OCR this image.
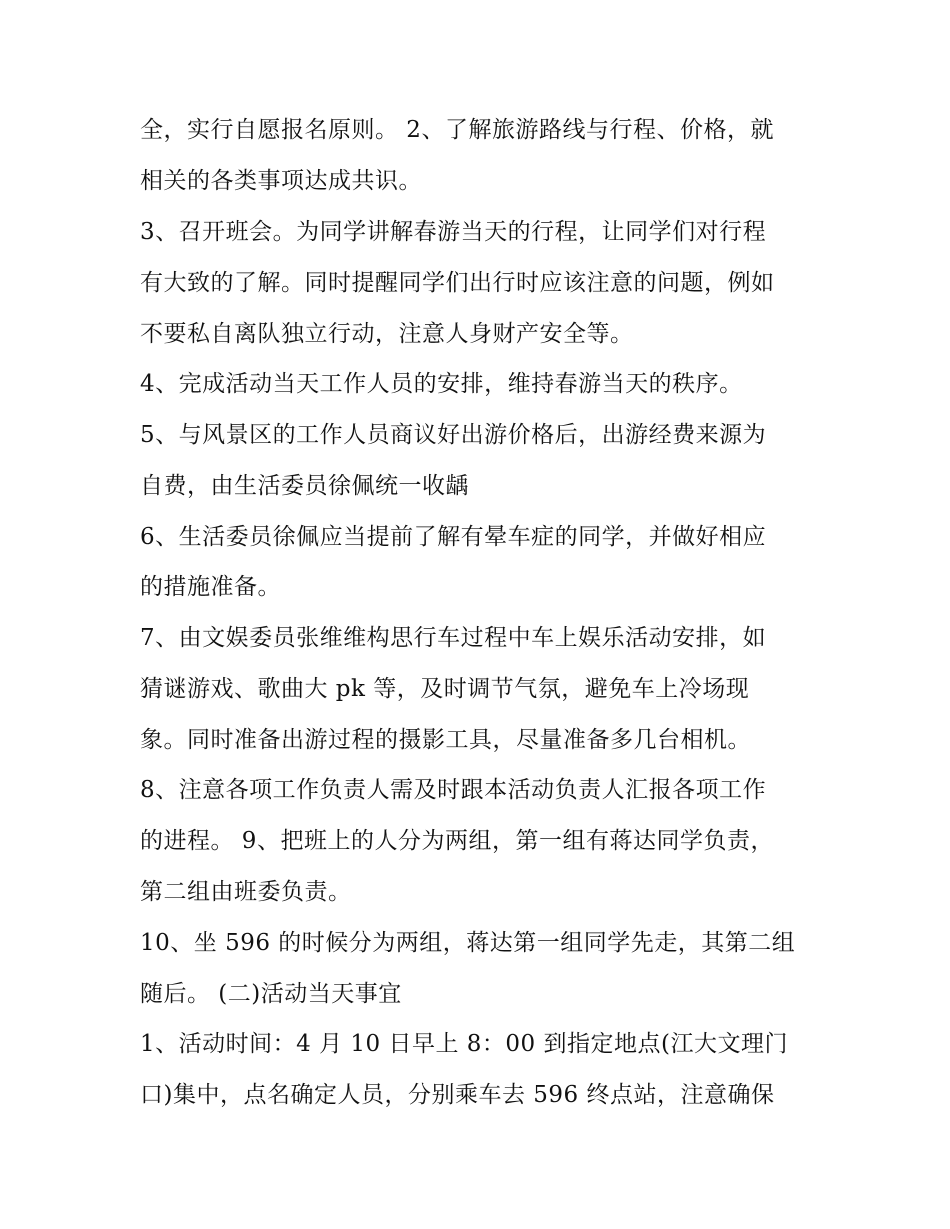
全，实行自愿报名原则。 2、了解旅游路线与行程、价格，就
相关的各类事项达成共识。
3、召开班会。为同学讲解春游当天的行程，让同学们对行程
有大致的了解。同时提醒同学们出行时应该注意的问题，例如
不要私自离队独立行动，注意人身财产安全等。
4、完成活动当天工作人员的安排，维持春游当天的秩序。
5、与风景区的工作人员商议好出游价格后，出游经费来源为
自费，由生活委员徐佩统一收龋
6、生活委员徐佩应当提前了解有晕车症的同学，并做好相应
的措施准备。
7、由文娱委员张维维构思行车过程中车上娱乐活动安排，如
猜谜游戏、歌曲大 pk 等，及时调节气氛，避免车上冷场现
象。同时准备出游过程的摄影工具，尽量准备多几台相机。
8、注意各项工作负责人需及时跟本活动负责人汇报各项工作
的进程。 9、把班上的人分为两组，第一组有蒋达同学负责，
第二组由班委负责。
10、坐 596 的时候分为两组，蒋达第一组同学先走，其第二组
随后。 (二)活动当天事宜
1、活动时间：4 月 10 日早上 8：00 到指定地点(江大文理门
口)集中，点名确定人员，分别乘车去 596 终点站，注意确保
